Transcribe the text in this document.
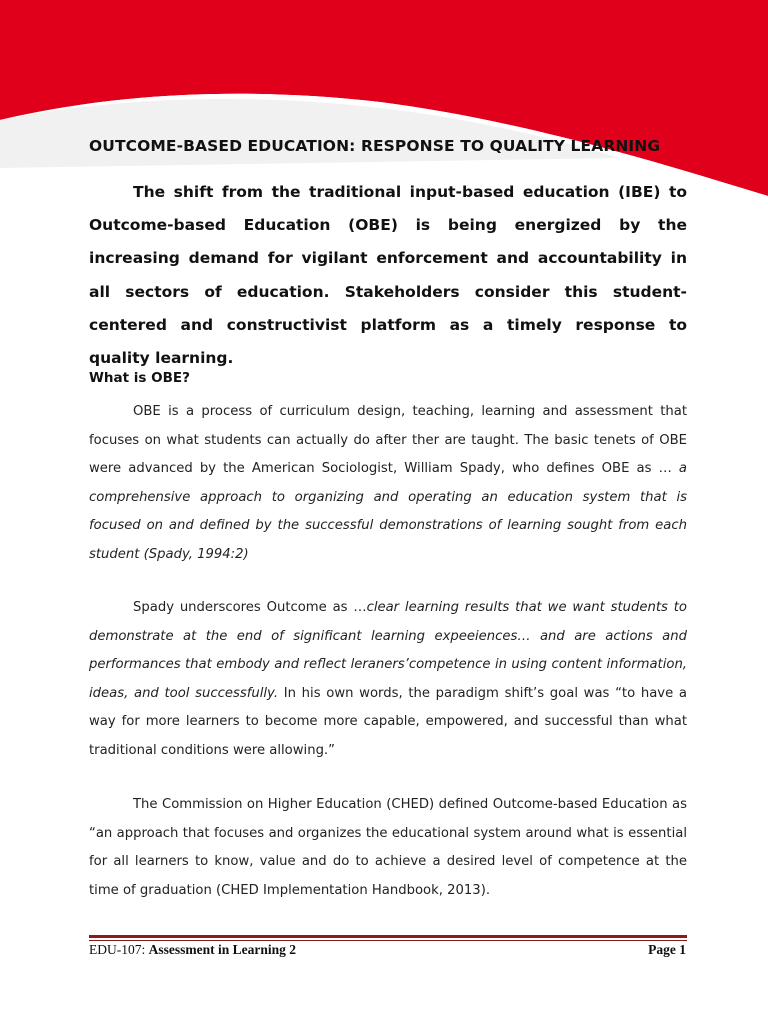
OUTCOME-BASED EDUCATION: RESPONSE TO QUALITY LEARNING

The shift from the traditional input-based education (IBE) to Outcome-based Education (OBE) is being energized by the increasing demand for vigilant enforcement and accountability in all sectors of education. Stakeholders consider this student-centered and constructivist platform as a timely response to quality learning.

What is OBE?

OBE is a process of curriculum design, teaching, learning and assessment that focuses on what students can actually do after ther are taught. The basic tenets of OBE were advanced by the American Sociologist, William Spady, who defines OBE as … a comprehensive approach to organizing and operating an education system that is focused on and defined by the successful demonstrations of learning sought from each student (Spady, 1994:2)

Spady underscores Outcome as …clear learning results that we want students to demonstrate at the end of significant learning expeeiences… and are actions and performances that embody and reflect leraners’competence in using content information, ideas, and tool successfully. In his own words, the paradigm shift’s goal was “to have a way for more learners to become more capable, empowered, and successful than what traditional conditions were allowing.”

The Commission on Higher Education (CHED) defined Outcome-based Education as “an approach that focuses and organizes the educational system around what is essential for all learners to know, value and do to achieve a desired level of competence at the time of graduation (CHED Implementation Handbook, 2013).

EDU-107: Assessment in Learning 2	Page 1
